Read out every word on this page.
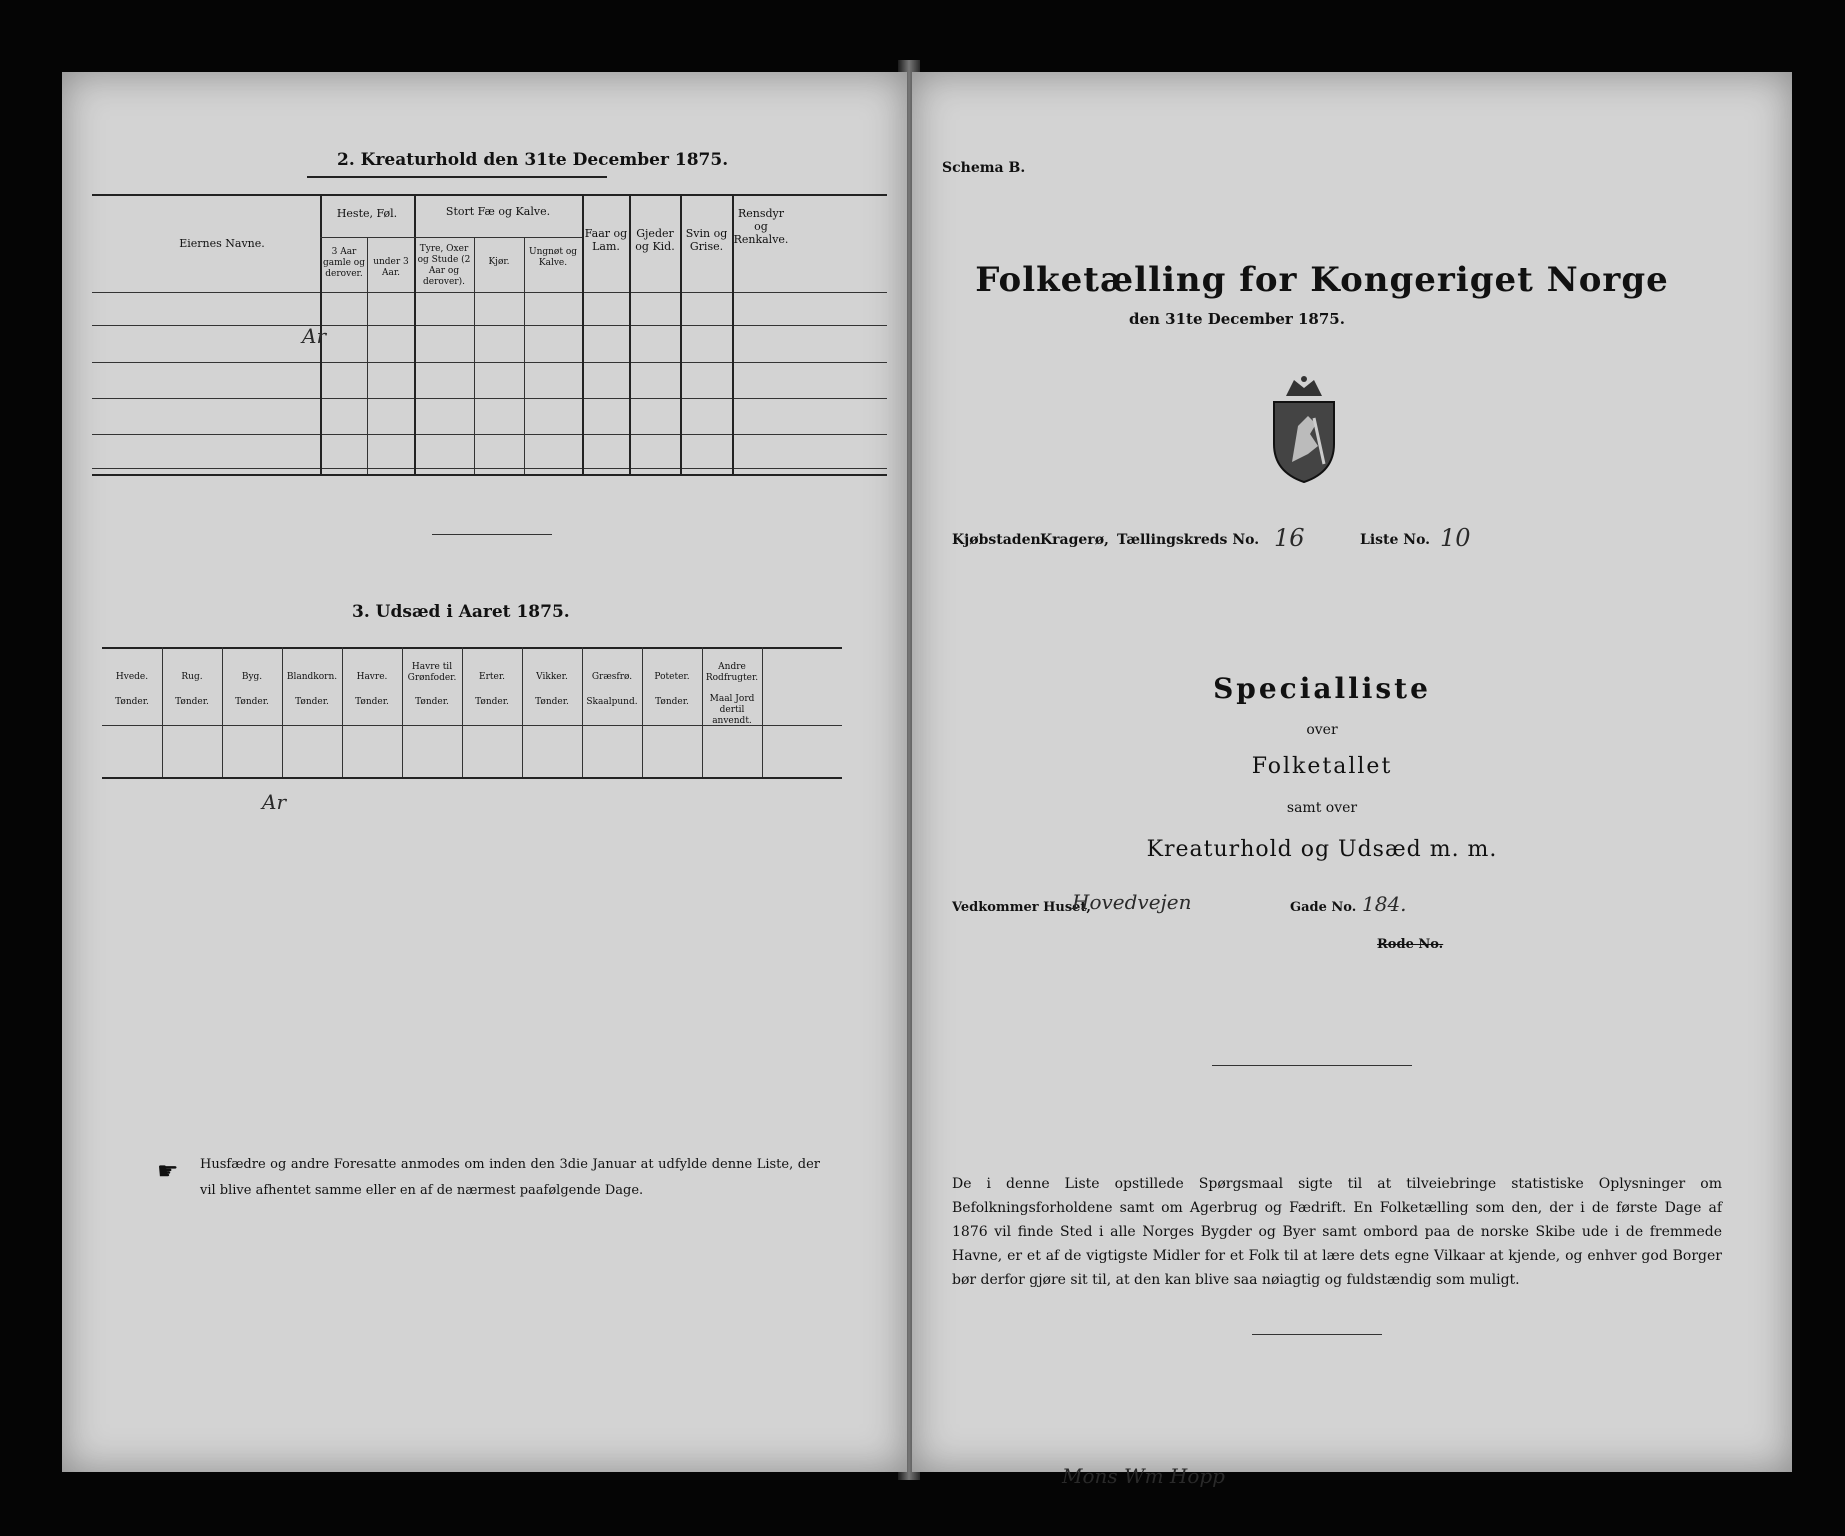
2. Kreaturhold den 31te December 1875.
Eiernes Navne.
Heste, Føl.
3 Aar gamle og derover.
under 3 Aar.
Stort Fæ og Kalve.
Tyre, Oxer og Stude (2 Aar og derover).
Kjør.
Ungnøt og Kalve.
Faar og Lam.
Gjeder og Kid.
Svin og Grise.
Rensdyr og Renkalve.
Ar
3. Udsæd i Aaret 1875.
Hvede.
Tønder.
Rug.
Tønder.
Byg.
Tønder.
Blandkorn.
Tønder.
Havre.
Tønder.
Havre til Grønfoder.
Tønder.
Erter.
Tønder.
Vikker.
Tønder.
Græsfrø.
Skaalpund.
Poteter.
Tønder.
Andre Rodfrugter.
Maal Jord dertil anvendt.
Ar
☛ Husfædre og andre Foresatte anmodes om inden den 3die Januar at udfylde denne Liste, der vil blive afhentet samme eller en af de nærmest paafølgende Dage.
Schema B.
Folketælling for Kongeriget Norge
den 31te December 1875.
Kjøbstaden Kragerø, Tællingskreds No. 16	Liste No. 10
Specialliste
over
Folketallet
samt over
Kreaturhold og Udsæd m. m.
Vedkommer Huset,
Hovedvejen	Gade No. 184.
Rode No.
De i denne Liste opstillede Spørgsmaal sigte til at tilveiebringe statistiske Oplysninger om Befolkningsforholdene samt om Agerbrug og Fædrift. En Folketælling som den, der i de første Dage af 1876 vil finde Sted i alle Norges Bygder og Byer samt ombord paa de norske Skibe ude i de fremmede Havne, er et af de vigtigste Midler for et Folk til at lære dets egne Vilkaar at kjende, og enhver god Borger bør derfor gjøre sit til, at den kan blive saa nøiagtig og fuldstændig som muligt.
Mons Wm Hopp
